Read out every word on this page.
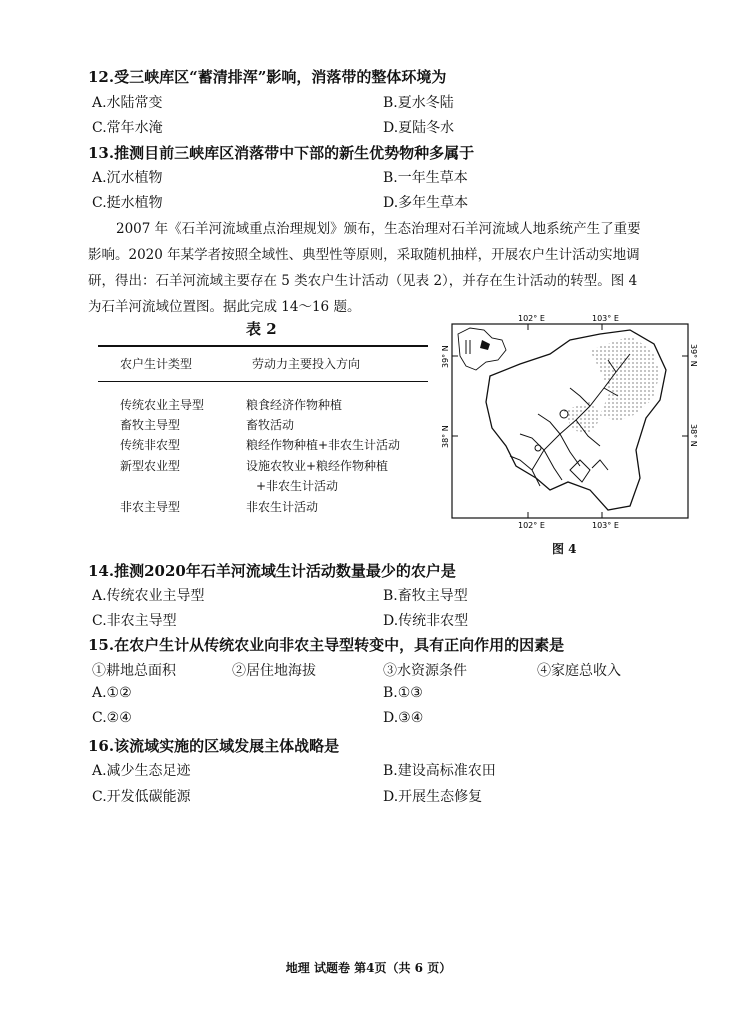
12.受三峡库区“蓄清排浑”影响，消落带的整体环境为
A.水陆常变	B.夏水冬陆
C.常年水淹	D.夏陆冬水
13.推测目前三峡库区消落带中下部的新生优势物种多属于
A.沉水植物	B.一年生草本
C.挺水植物	D.多年生草本
2007 年《石羊河流域重点治理规划》颁布，生态治理对石羊河流域人地系统产生了重要
影响。2020 年某学者按照全域性、典型性等原则，采取随机抽样，开展农户生计活动实地调
研，得出：石羊河流域主要存在 5 类农户生计活动（见表 2），并存在生计活动的转型。图 4
为石羊河流域位置图。据此完成 14～16 题。
表 2
农户生计类型	劳动力主要投入方向
传统农业主导型	粮食经济作物种植
畜牧主导型	畜牧活动
传统非农型	粮经作物种植+非农生计活动
新型农业型	设施农牧业+粮经作物种植
+非农生计活动
非农主导型	非农生计活动
102° E	103° E
102° E	103° E
39° N
38° N
39° N
38° N
图 4
14.推测2020年石羊河流域生计活动数量最少的农户是
A.传统农业主导型	B.畜牧主导型
C.非农主导型	D.传统非农型
15.在农户生计从传统农业向非农主导型转变中，具有正向作用的因素是
①耕地总面积	②居住地海拔	③水资源条件	④家庭总收入
A.①②	B.①③
C.②④	D.③④
16.该流域实施的区域发展主体战略是
A.减少生态足迹	B.建设高标准农田
C.开发低碳能源	D.开展生态修复
地理 试题卷 第4页（共 6 页）
